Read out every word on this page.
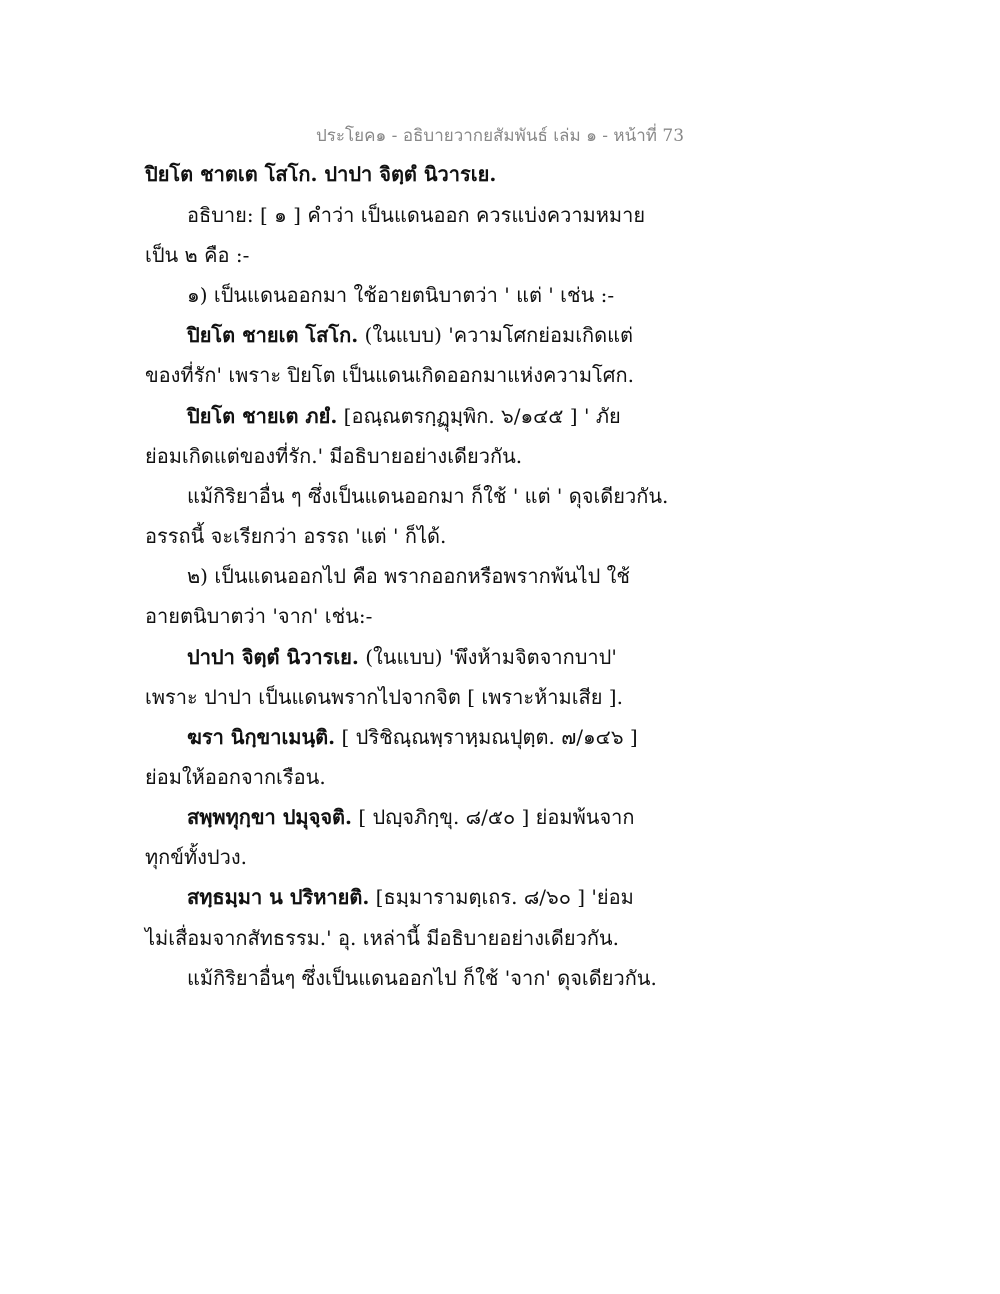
ประโยค๑ - อธิบายวากยสัมพันธ์ เล่ม ๑ - หน้าที่ 73
ปิยโต ชาตเต โสโก. ปาปา จิตฺตํ นิวารเย.
อธิบาย: [ ๑ ] คำว่า เป็นแดนออก ควรแบ่งความหมาย
เป็น ๒ คือ :-
๑) เป็นแดนออกมา ใช้อายตนิบาตว่า ' แต่ ' เช่น :-
ปิยโต ชายเต โสโก. (ในแบบ) 'ความโศกย่อมเกิดแต่
ของที่รัก' เพราะ ปิยโต เป็นแดนเกิดออกมาแห่งความโศก.
ปิยโต ชายเต ภยํ. [อณฺณตรกฺฏุมฺพิก. ๖/๑๔๕ ] ' ภัย
ย่อมเกิดแต่ของที่รัก.' มีอธิบายอย่างเดียวกัน.
แม้กิริยาอื่น ๆ ซึ่งเป็นแดนออกมา ก็ใช้ ' แต่ ' ดุจเดียวกัน.
อรรถนี้ จะเรียกว่า อรรถ 'แต่ ' ก็ได้.
๒) เป็นแดนออกไป คือ พรากออกหรือพรากพ้นไป ใช้
อายตนิบาตว่า 'จาก' เช่น:-
ปาปา จิตฺตํ นิวารเย. (ในแบบ) 'พึงห้ามจิตจากบาป'
เพราะ ปาปา เป็นแดนพรากไปจากจิต [ เพราะห้ามเสีย ].
ฆรา นิกฺขาเมนฺติ. [ ปริชิณฺณพฺราหฺมณปุตฺต. ๗/๑๔๖ ]
ย่อมให้ออกจากเรือน.
สพฺพทุกฺขา ปมุจฺจติ. [ ปญฺจภิกฺขุ. ๘/๕๐ ] ย่อมพ้นจาก
ทุกข์ทั้งปวง.
สทฺธมฺมา น ปริหายติ. [ธมฺมารามตฺเถร. ๘/๖๐ ] 'ย่อม
ไม่เสื่อมจากสัทธรรม.' อุ. เหล่านี้ มีอธิบายอย่างเดียวกัน.
แม้กิริยาอื่นๆ ซึ่งเป็นแดนออกไป ก็ใช้ 'จาก' ดุจเดียวกัน.
